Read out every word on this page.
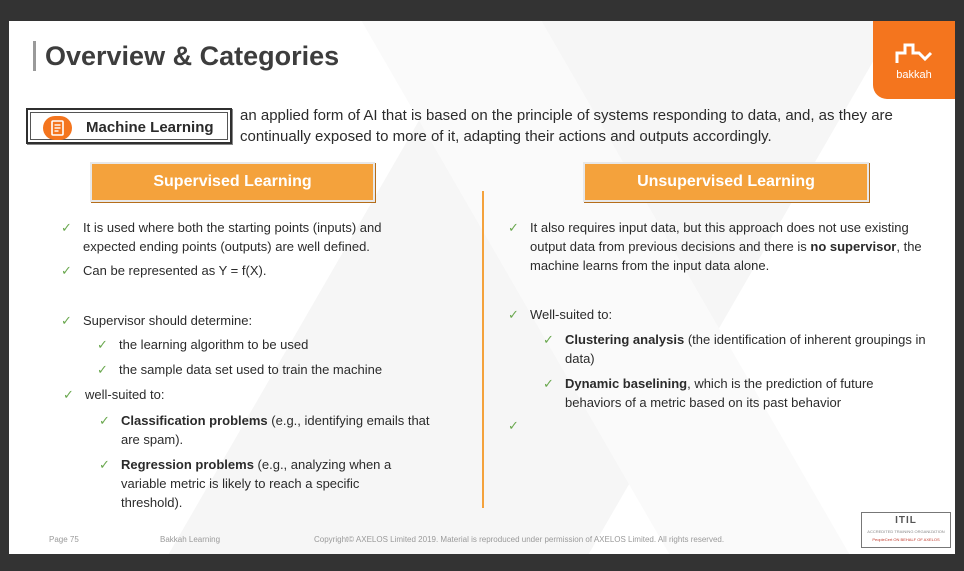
Overview & Categories
bakkah
Machine Learning
an applied form of AI that is based on the principle of systems responding to data, and, as they are continually exposed to more of it, adapting their actions and outputs accordingly.
Supervised Learning	Unsupervised Learning
✓ It is used where both the starting points (inputs) and expected ending points (outputs) are well defined.
✓ Can be represented as Y = f(X).
✓ Supervisor should determine:
✓ the learning algorithm to be used
✓ the sample data set used to train the machine
✓ well-suited to:
✓ Classification problems (e.g., identifying emails that are spam).
✓ Regression problems (e.g., analyzing when a variable metric is likely to reach a specific threshold).
✓ It also requires input data, but this approach does not use existing output data from previous decisions and there is no supervisor, the machine learns from the input data alone.
✓ Well-suited to:
✓ Clustering analysis (the identification of inherent groupings in data)
✓ Dynamic baselining, which is the prediction of future behaviors of a metric based on its past behavior
✓
Page 75	Bakkah Learning	Copyright© AXELOS Limited 2019. Material is reproduced under permission of AXELOS Limited. All rights reserved.
ITIL
ACCREDITED TRAINING ORGANIZATION
PeopleCert ON BEHALF OF AXELOS
